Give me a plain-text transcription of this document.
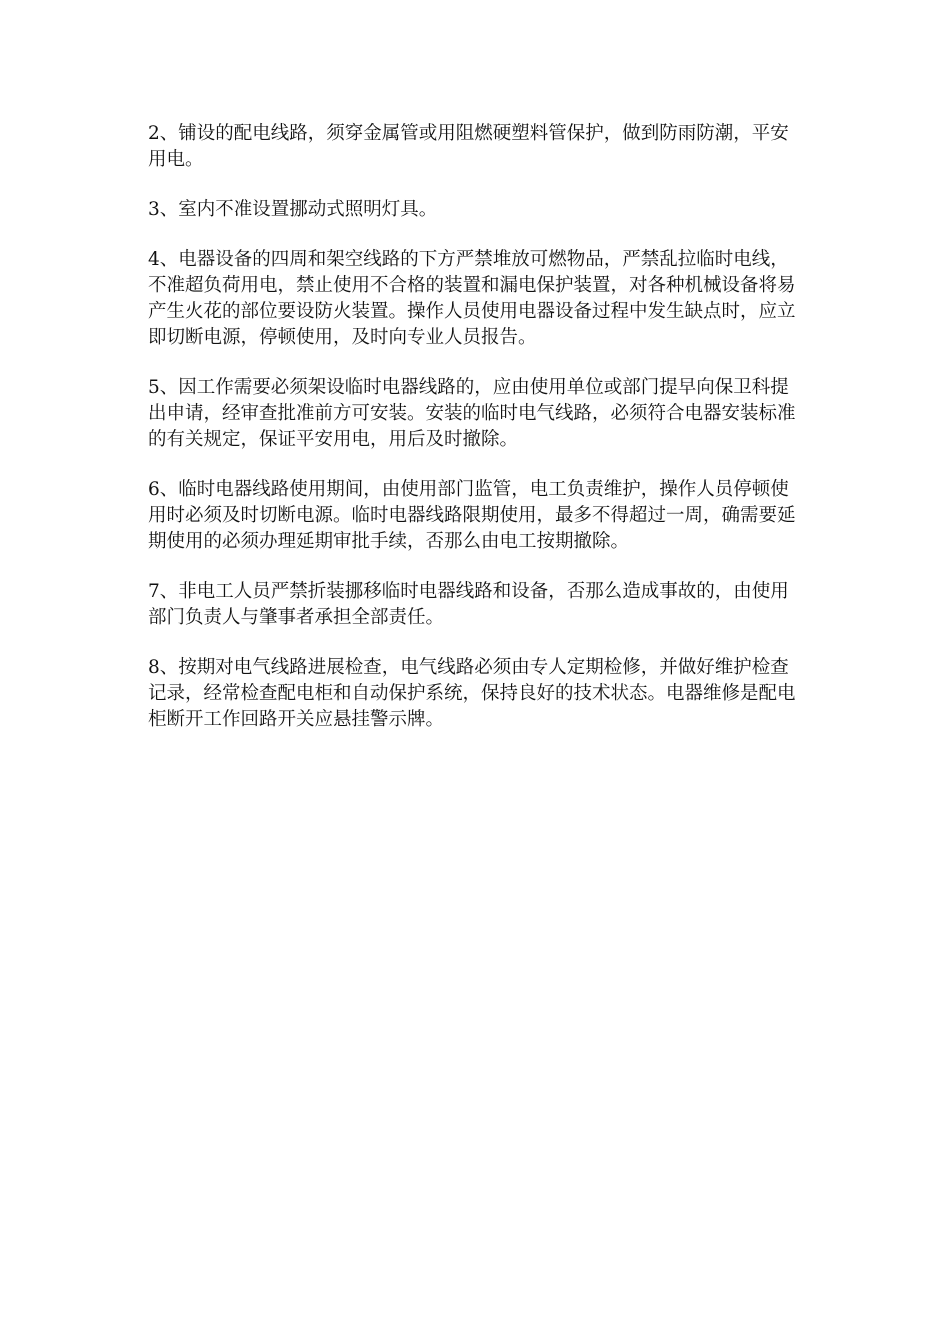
2、铺设的配电线路，须穿金属管或用阻燃硬塑料管保护，做到防雨防潮，平安用电。

3、室内不准设置挪动式照明灯具。

4、电器设备的四周和架空线路的下方严禁堆放可燃物品，严禁乱拉临时电线，不准超负荷用电，禁止使用不合格的装置和漏电保护装置，对各种机械设备将易产生火花的部位要设防火装置。操作人员使用电器设备过程中发生缺点时，应立即切断电源，停顿使用，及时向专业人员报告。

5、因工作需要必须架设临时电器线路的，应由使用单位或部门提早向保卫科提出申请，经审查批准前方可安装。安装的临时电气线路，必须符合电器安装标准的有关规定，保证平安用电，用后及时撤除。

6、临时电器线路使用期间，由使用部门监管，电工负责维护，操作人员停顿使用时必须及时切断电源。临时电器线路限期使用，最多不得超过一周，确需要延期使用的必须办理延期审批手续，否那么由电工按期撤除。

7、非电工人员严禁折装挪移临时电器线路和设备，否那么造成事故的，由使用部门负责人与肇事者承担全部责任。

8、按期对电气线路进展检查，电气线路必须由专人定期检修，并做好维护检查记录，经常检查配电柜和自动保护系统，保持良好的技术状态。电器维修是配电柜断开工作回路开关应悬挂警示牌。
